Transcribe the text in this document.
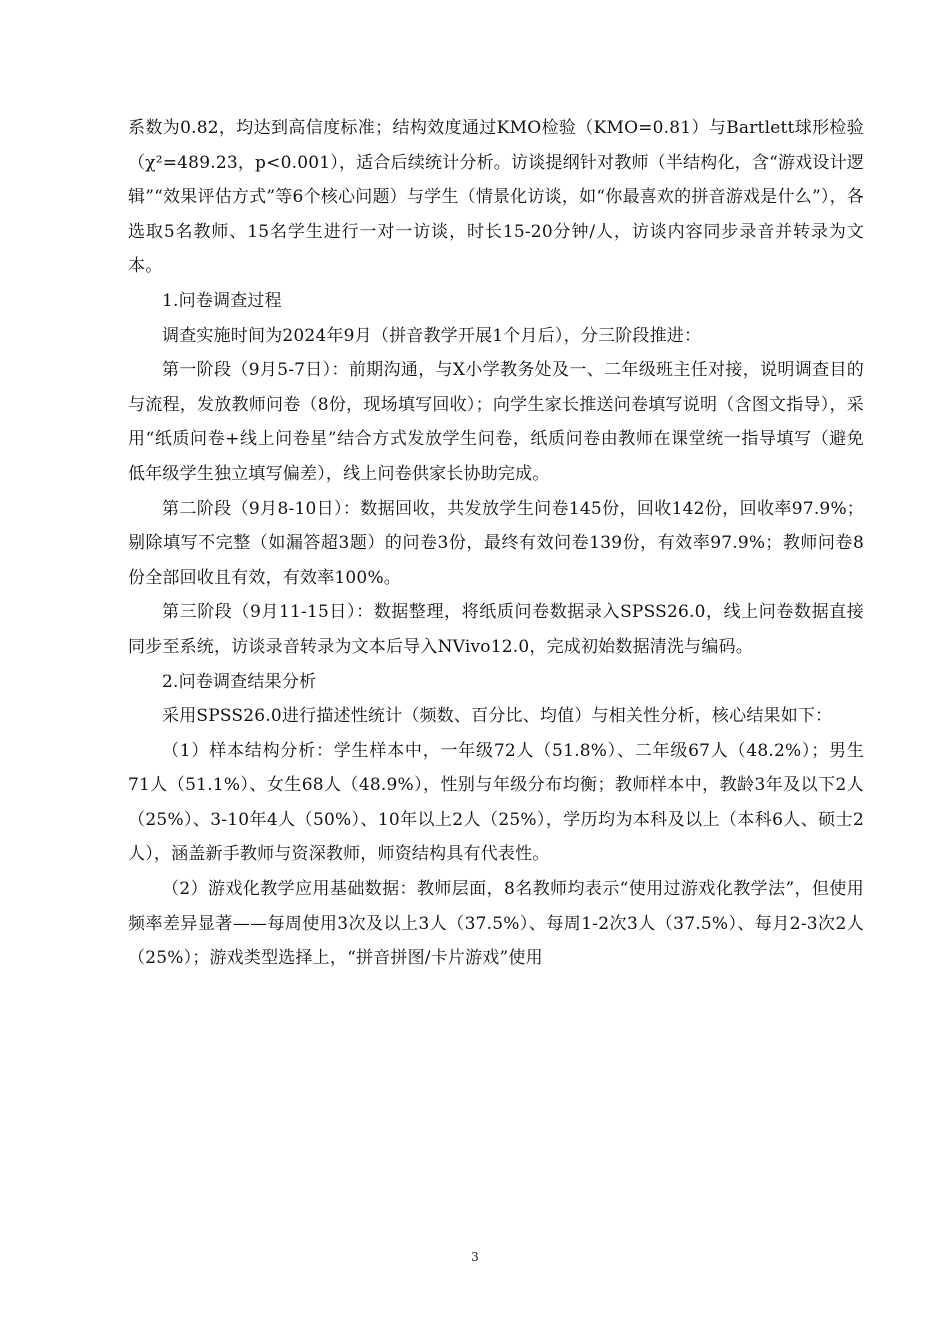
系数为0.82，均达到高信度标准；结构效度通过KMO检验（KMO=0.81）与Bartlett球形检验（χ²=489.23，p<0.001），适合后续统计分析。访谈提纲针对教师（半结构化，含“游戏设计逻辑”“效果评估方式”等6个核心问题）与学生（情景化访谈，如“你最喜欢的拼音游戏是什么”），各选取5名教师、15名学生进行一对一访谈，时长15-20分钟/人，访谈内容同步录音并转录为文本。

1.问卷调查过程

调查实施时间为2024年9月（拼音教学开展1个月后），分三阶段推进：

第一阶段（9月5-7日）：前期沟通，与X小学教务处及一、二年级班主任对接，说明调查目的与流程，发放教师问卷（8份，现场填写回收）；向学生家长推送问卷填写说明（含图文指导），采用“纸质问卷+线上问卷星”结合方式发放学生问卷，纸质问卷由教师在课堂统一指导填写（避免低年级学生独立填写偏差），线上问卷供家长协助完成。

第二阶段（9月8-10日）：数据回收，共发放学生问卷145份，回收142份，回收率97.9%；剔除填写不完整（如漏答超3题）的问卷3份，最终有效问卷139份，有效率97.9%；教师问卷8份全部回收且有效，有效率100%。

第三阶段（9月11-15日）：数据整理，将纸质问卷数据录入SPSS26.0，线上问卷数据直接同步至系统，访谈录音转录为文本后导入NVivo12.0，完成初始数据清洗与编码。

2.问卷调查结果分析

采用SPSS26.0进行描述性统计（频数、百分比、均值）与相关性分析，核心结果如下：

（1）样本结构分析：学生样本中，一年级72人（51.8%）、二年级67人（48.2%）；男生71人（51.1%）、女生68人（48.9%），性别与年级分布均衡；教师样本中，教龄3年及以下2人（25%）、3-10年4人（50%）、10年以上2人（25%），学历均为本科及以上（本科6人、硕士2人），涵盖新手教师与资深教师，师资结构具有代表性。

（2）游戏化教学应用基础数据：教师层面，8名教师均表示“使用过游戏化教学法”，但使用频率差异显著——每周使用3次及以上3人（37.5%）、每周1-2次3人（37.5%）、每月2-3次2人（25%）；游戏类型选择上，“拼音拼图/卡片游戏”使用

3
